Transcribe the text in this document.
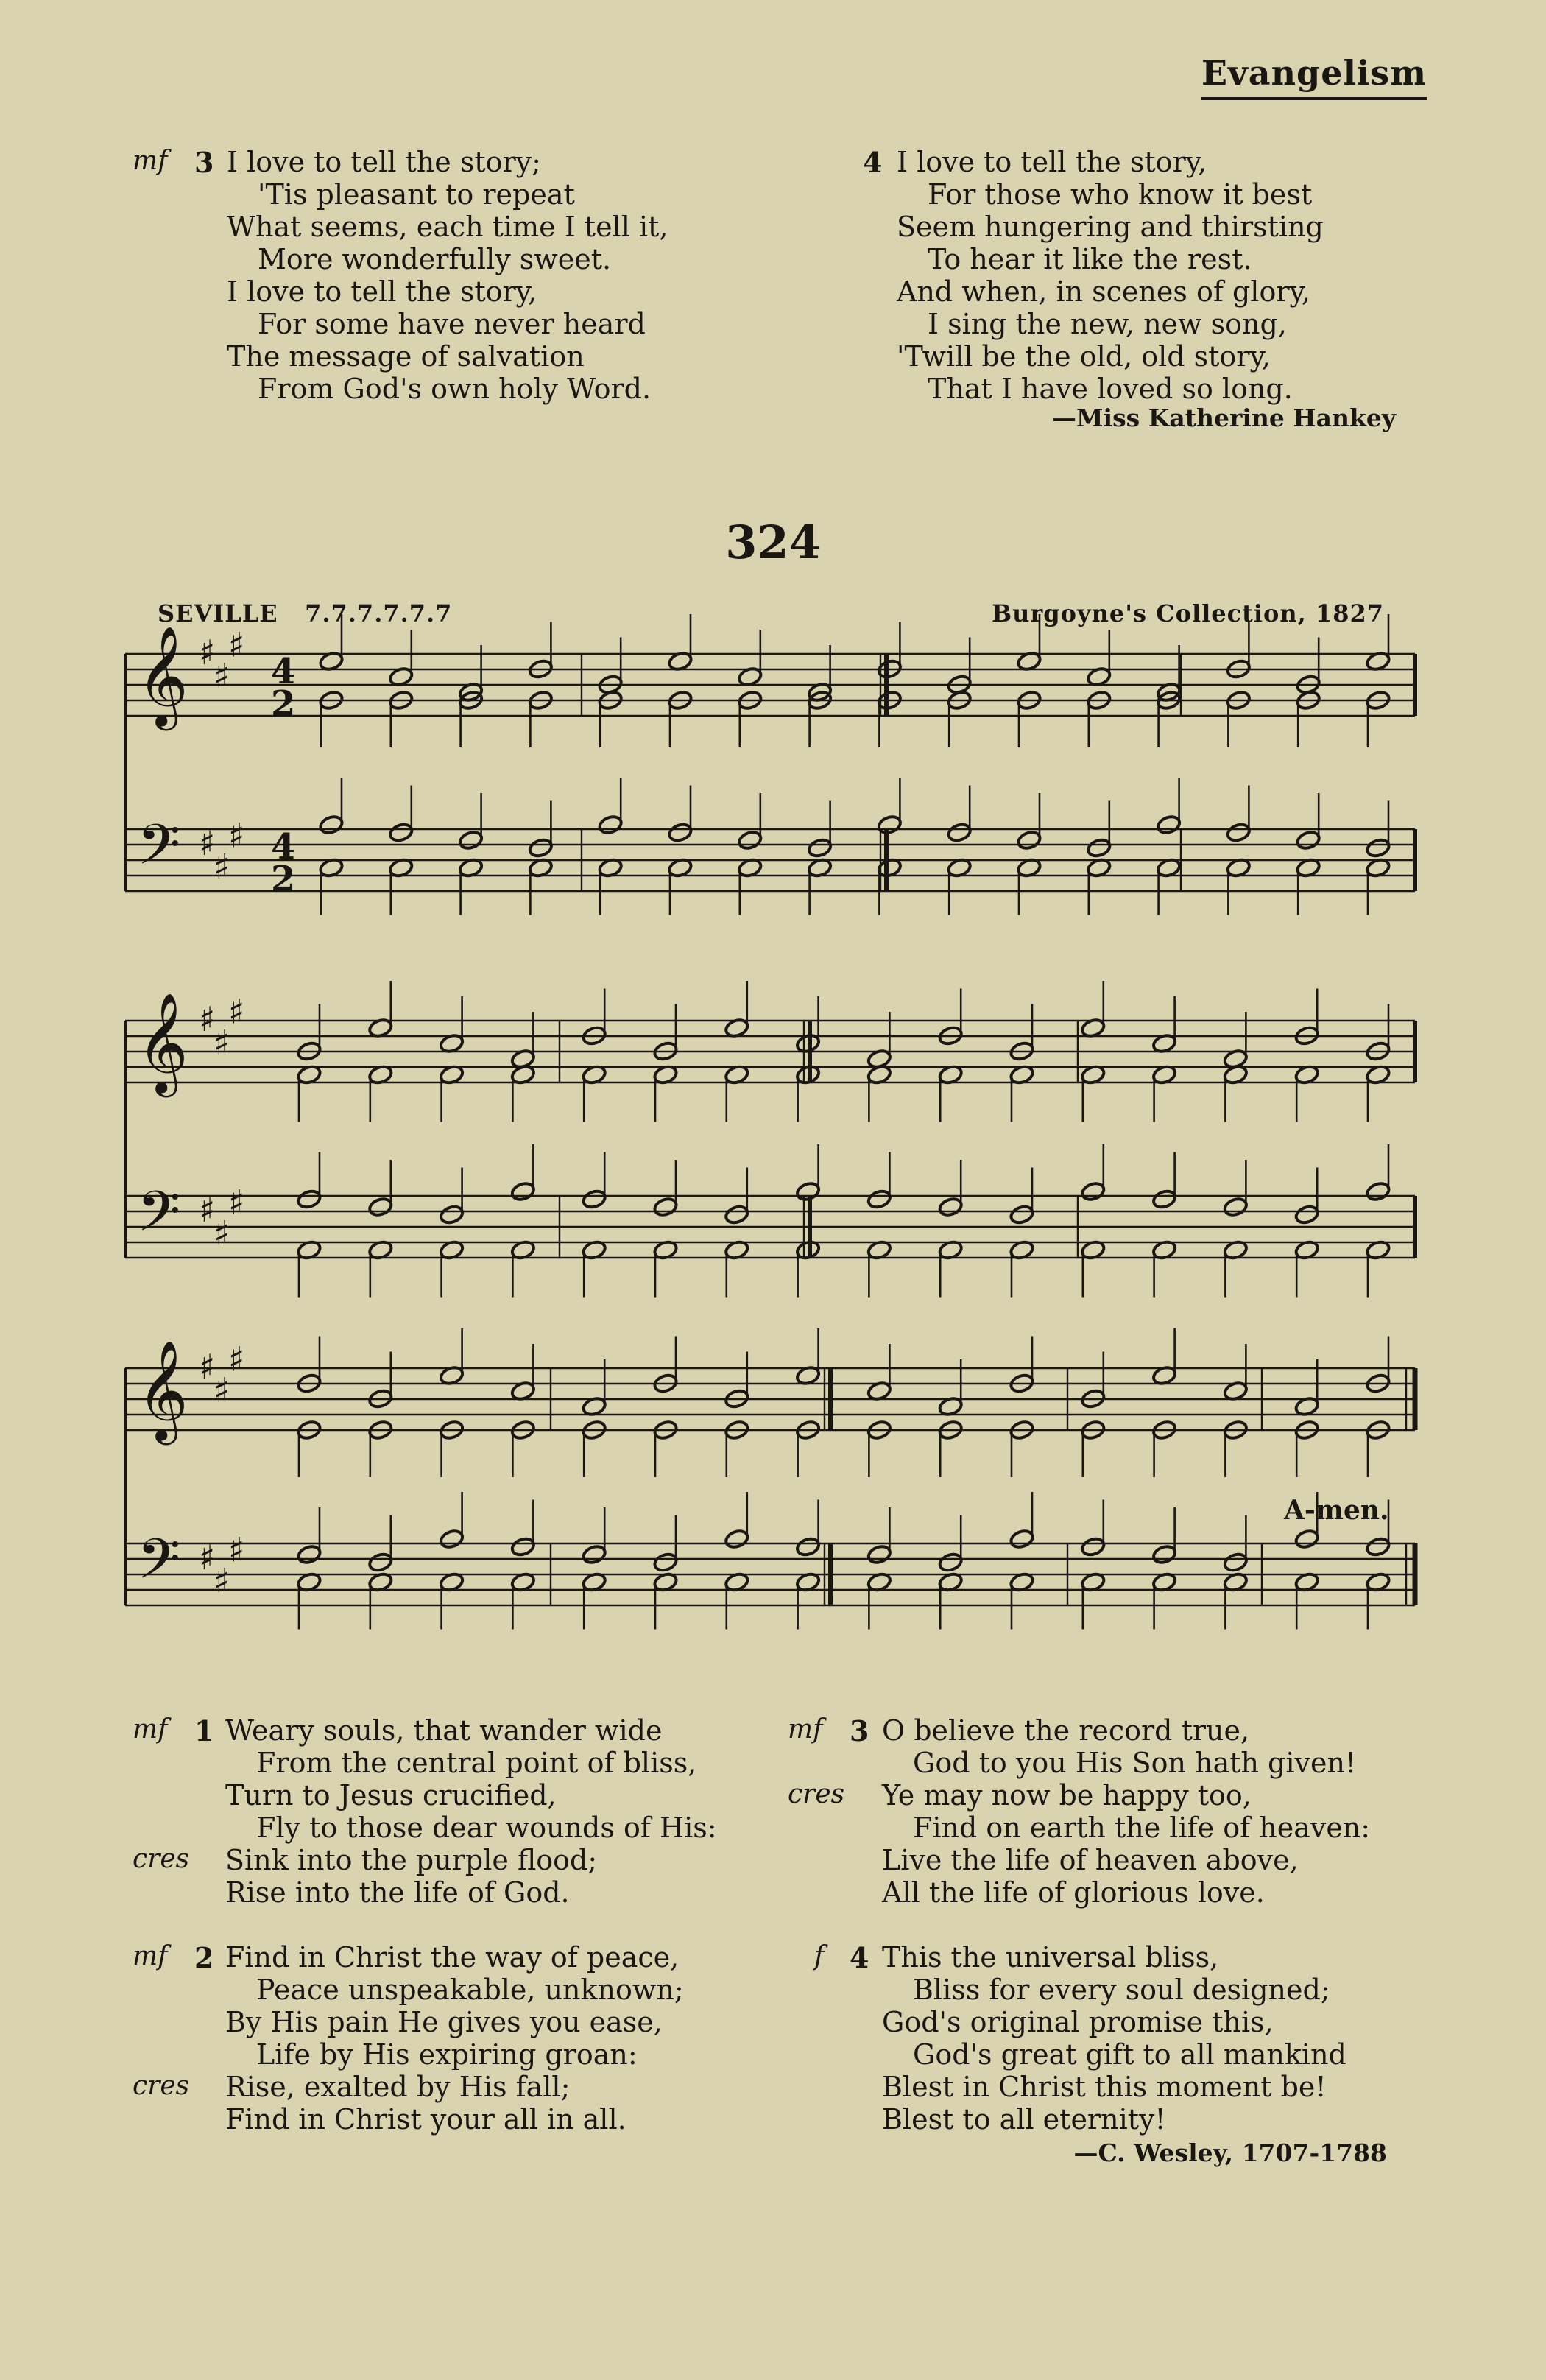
Evangelism
mf 3 I love to tell the story;
'Tis pleasant to repeat
What seems, each time I tell it,
More wonderfully sweet.
I love to tell the story,
For some have never heard
The message of salvation
From God's own holy Word.
4 I love to tell the story,
For those who know it best
Seem hungering and thirsting
To hear it like the rest.
And when, in scenes of glory,
I sing the new, new song,
'Twill be the old, old story,
That I have loved so long.
—Miss Katherine Hankey
324
SEVILLE 7.7.7.7.7.7	Burgoyne's Collection, 1827
𝄞
𝄢
♯
♯
♯
♯
♯
♯
4
2
4
2
𝄞
𝄢
♯
♯
♯
♯
♯
♯
𝄞
𝄢
♯
♯
♯
♯
♯
♯
A-men.
mf 1
cres
Weary souls, that wander wide
From the central point of bliss,
Turn to Jesus crucified,
Fly to those dear wounds of His:
Sink into the purple flood;
Rise into the life of God.
mf 2
cres
Find in Christ the way of peace,
Peace unspeakable, unknown;
By His pain He gives you ease,
Life by His expiring groan:
Rise, exalted by His fall;
Find in Christ your all in all.
mf 3
cres
O believe the record true,
God to you His Son hath given!
Ye may now be happy too,
Find on earth the life of heaven:
Live the life of heaven above,
All the life of glorious love.
f 4 This the universal bliss,
Bliss for every soul designed;
God's original promise this,
God's great gift to all mankind
Blest in Christ this moment be!
Blest to all eternity!
—C. Wesley, 1707-1788
